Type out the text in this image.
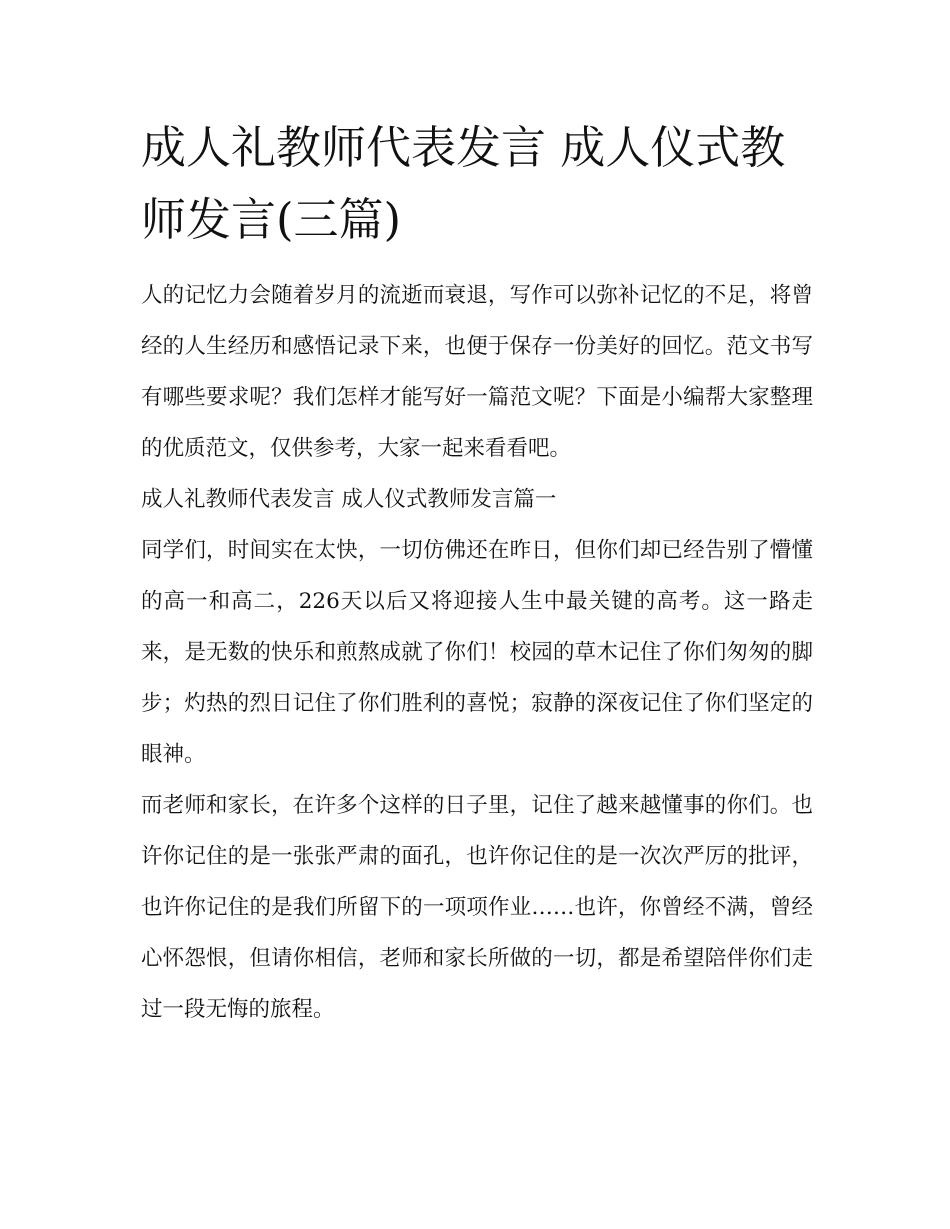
成人礼教师代表发言 成人仪式教师发言(三篇)

人的记忆力会随着岁月的流逝而衰退，写作可以弥补记忆的不足，将曾经的人生经历和感悟记录下来，也便于保存一份美好的回忆。范文书写有哪些要求呢？我们怎样才能写好一篇范文呢？下面是小编帮大家整理的优质范文，仅供参考，大家一起来看看吧。

成人礼教师代表发言 成人仪式教师发言篇一

同学们，时间实在太快，一切仿佛还在昨日，但你们却已经告别了懵懂的高一和高二，226天以后又将迎接人生中最关键的高考。这一路走来，是无数的快乐和煎熬成就了你们！校园的草木记住了你们匆匆的脚步；灼热的烈日记住了你们胜利的喜悦；寂静的深夜记住了你们坚定的眼神。

而老师和家长，在许多个这样的日子里，记住了越来越懂事的你们。也许你记住的是一张张严肃的面孔，也许你记住的是一次次严厉的批评，也许你记住的是我们所留下的一项项作业……也许，你曾经不满，曾经心怀怨恨，但请你相信，老师和家长所做的一切，都是希望陪伴你们走过一段无悔的旅程。
